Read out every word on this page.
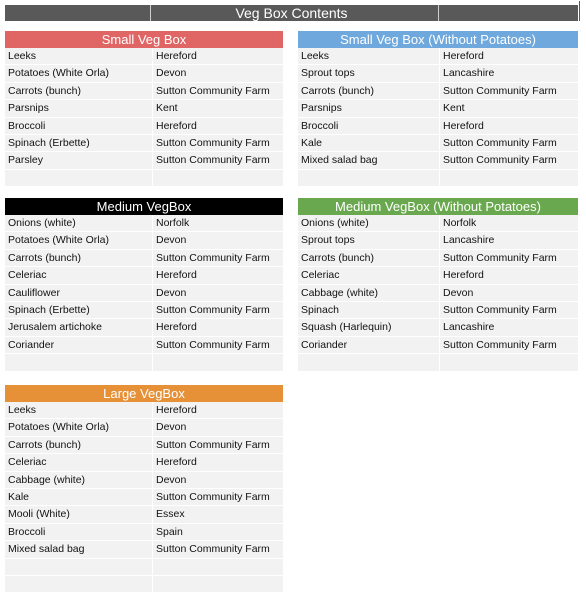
Veg Box Contents
Small Veg Box
Leeks	Hereford
Potatoes (White Orla)	Devon
Carrots (bunch)	Sutton Community Farm
Parsnips	Kent
Broccoli	Hereford
Spinach (Erbette)	Sutton Community Farm
Parsley	Sutton Community Farm
Small Veg Box (Without Potatoes)
Leeks	Hereford
Sprout tops	Lancashire
Carrots (bunch)	Sutton Community Farm
Parsnips	Kent
Broccoli	Hereford
Kale	Sutton Community Farm
Mixed salad bag	Sutton Community Farm
Medium VegBox
Onions (white)	Norfolk
Potatoes (White Orla)	Devon
Carrots (bunch)	Sutton Community Farm
Celeriac	Hereford
Cauliflower	Devon
Spinach (Erbette)	Sutton Community Farm
Jerusalem artichoke	Hereford
Coriander	Sutton Community Farm
Medium VegBox (Without Potatoes)
Onions (white)	Norfolk
Sprout tops	Lancashire
Carrots (bunch)	Sutton Community Farm
Celeriac	Hereford
Cabbage (white)	Devon
Spinach	Sutton Community Farm
Squash (Harlequin)	Lancashire
Coriander	Sutton Community Farm
Large VegBox
Leeks	Hereford
Potatoes (White Orla)	Devon
Carrots (bunch)	Sutton Community Farm
Celeriac	Hereford
Cabbage (white)	Devon
Kale	Sutton Community Farm
Mooli (White)	Essex
Broccoli	Spain
Mixed salad bag	Sutton Community Farm
